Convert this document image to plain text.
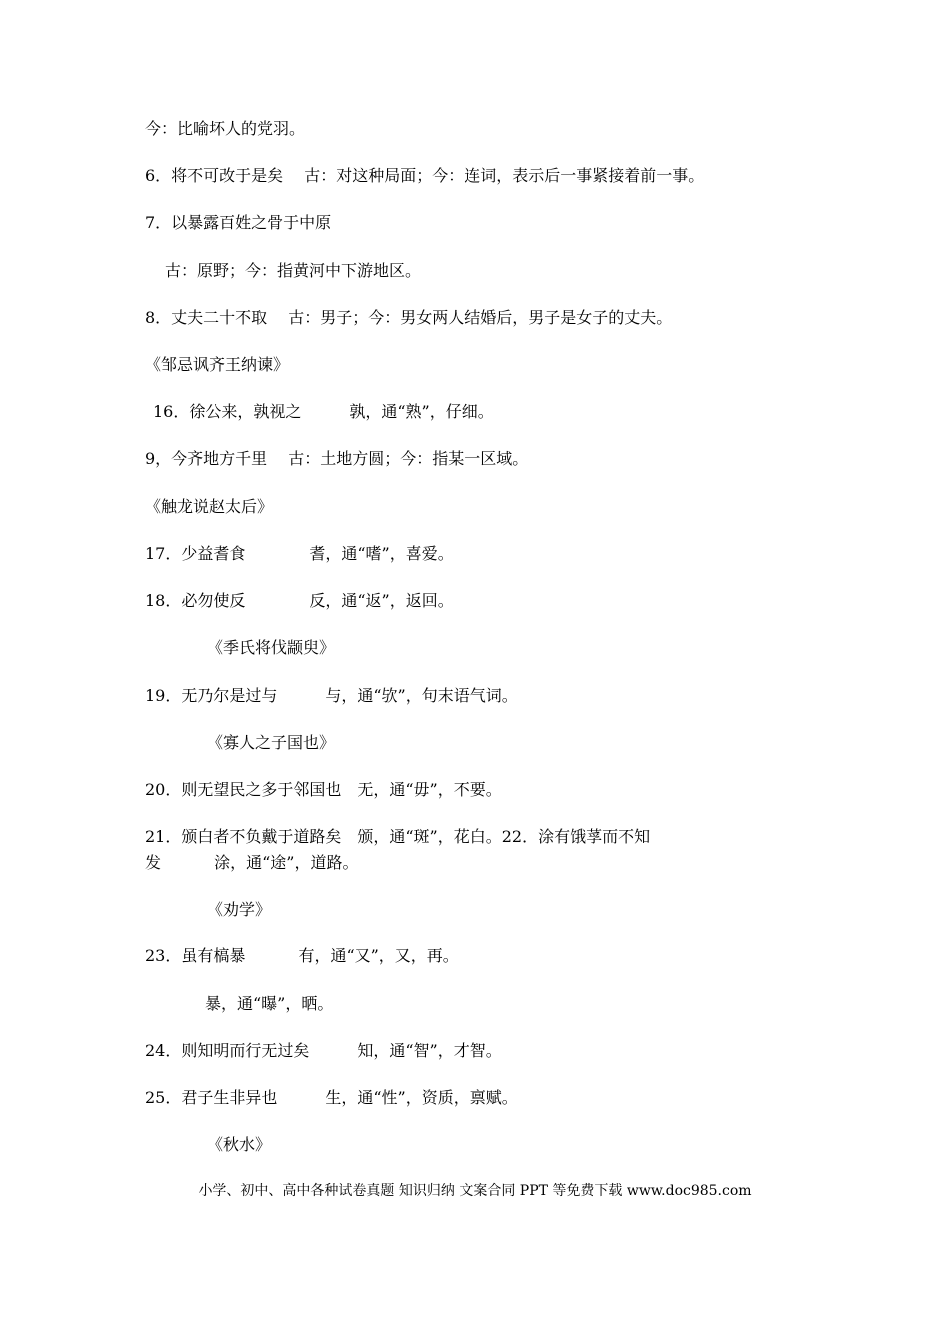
今：比喻坏人的党羽。
6．将不可改于是矣　 古：对这种局面；今：连词，表示后一事紧接着前一事。
7．以暴露百姓之骨于中原
古：原野；今：指黄河中下游地区。
8．丈夫二十不取　 古：男子；今：男女两人结婚后，男子是女子的丈夫。
《邹忌讽齐王纳谏》
16．徐公来，孰视之　　　孰，通“熟”，仔细。
9，今齐地方千里　 古：土地方圆；今：指某一区域。
《触龙说赵太后》
17．少益耆食　　　　耆，通“嗜”，喜爱。
18．必勿使反　　　　反，通“返”，返回。
《季氏将伐颛臾》
19．无乃尔是过与　　　与，通“欤”，句末语气词。
《寡人之子国也》
20．则无望民之多于邻国也　无，通“毋”，不要。
21．颁白者不负戴于道路矣　颁，通“斑”，花白。22．涂有饿莩而不知
发　　　 涂，通“途”，道路。
《劝学》
23．虽有槁暴　　　 有，通“又”，又，再。
暴，通“曝”，晒。
24．则知明而行无过矣　　　知，通“智”，才智。
25．君子生非异也　　　生，通“性”，资质，禀赋。
《秋水》
小学、初中、高中各种试卷真题 知识归纳 文案合同 PPT 等免费下载 www.doc985.com
